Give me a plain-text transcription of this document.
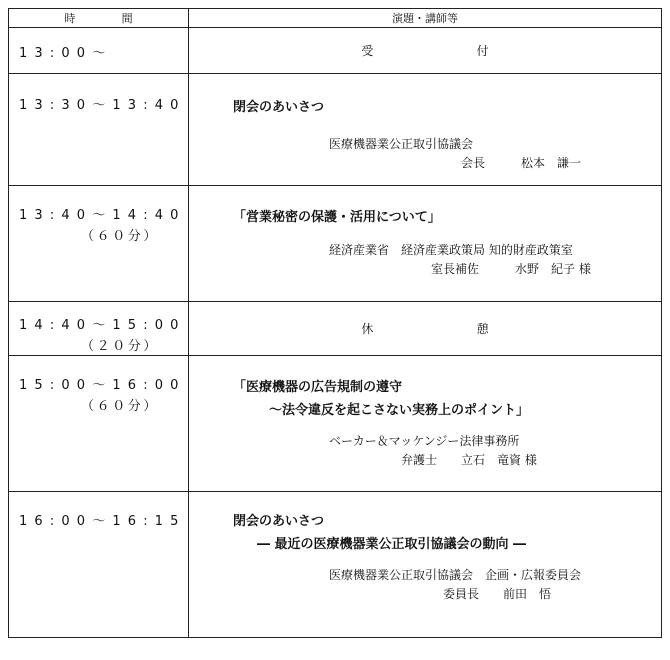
時　間	演題・講師等

13:00～	受　　付

13:30～13:40	閉会のあいさつ
医療機器業公正取引協議会
会長　　　松本　謙一

13:40～14:40
（６０分）	「営業秘密の保護・活用について」
経済産業省　経済産業政策局 知的財産政策室
室長補佐　　　水野　紀子 様

14:40～15:00
（２０分）	休　　憩

15:00～16:00
（６０分）	「医療機器の広告規制の遵守
～法令違反を起こさない実務上のポイント」
ベーカー＆マッケンジー法律事務所
弁護士　　立石　竜資 様

16:00～16:15	閉会のあいさつ
― 最近の医療機器業公正取引協議会の動向 ―
医療機器業公正取引協議会　企画・広報委員会
委員長　　前田　悟
